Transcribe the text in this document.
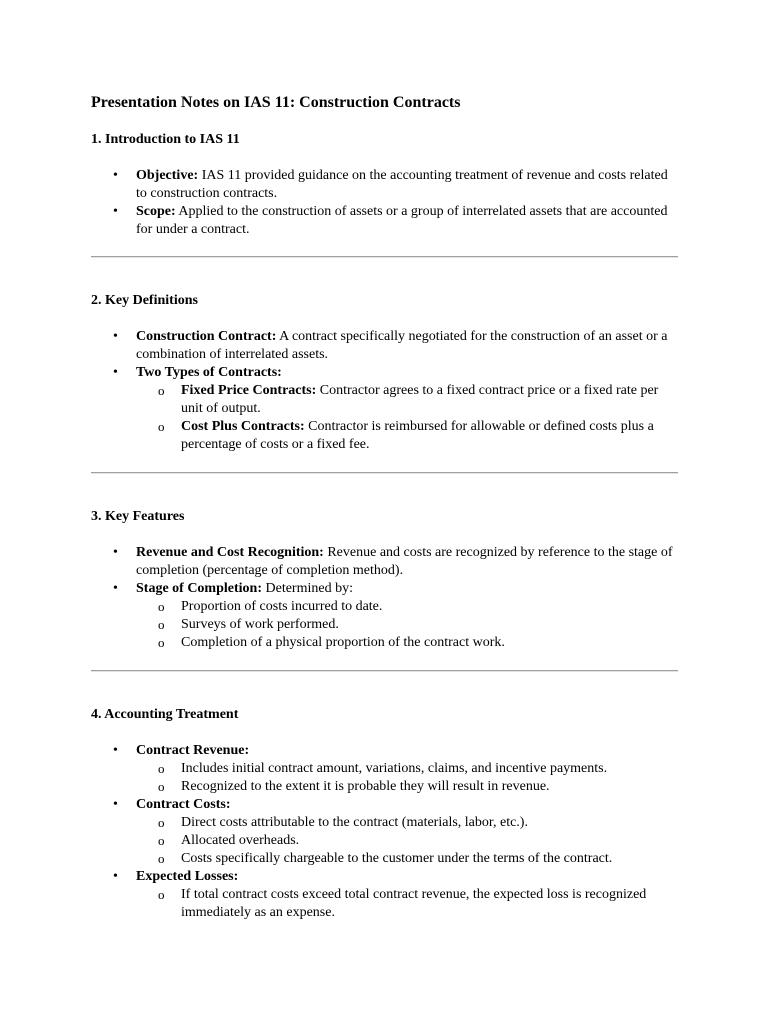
Presentation Notes on IAS 11: Construction Contracts
1. Introduction to IAS 11
• Objective: IAS 11 provided guidance on the accounting treatment of revenue and costs related to construction contracts.
• Scope: Applied to the construction of assets or a group of interrelated assets that are accounted for under a contract.
2. Key Definitions
• Construction Contract: A contract specifically negotiated for the construction of an asset or a combination of interrelated assets.
• Two Types of Contracts:
o Fixed Price Contracts: Contractor agrees to a fixed contract price or a fixed rate per unit of output.
o Cost Plus Contracts: Contractor is reimbursed for allowable or defined costs plus a percentage of costs or a fixed fee.
3. Key Features
• Revenue and Cost Recognition: Revenue and costs are recognized by reference to the stage of completion (percentage of completion method).
• Stage of Completion: Determined by:
o Proportion of costs incurred to date.
o Surveys of work performed.
o Completion of a physical proportion of the contract work.
4. Accounting Treatment
• Contract Revenue:
o Includes initial contract amount, variations, claims, and incentive payments.
o Recognized to the extent it is probable they will result in revenue.
• Contract Costs:
o Direct costs attributable to the contract (materials, labor, etc.).
o Allocated overheads.
o Costs specifically chargeable to the customer under the terms of the contract.
• Expected Losses:
o If total contract costs exceed total contract revenue, the expected loss is recognized immediately as an expense.
